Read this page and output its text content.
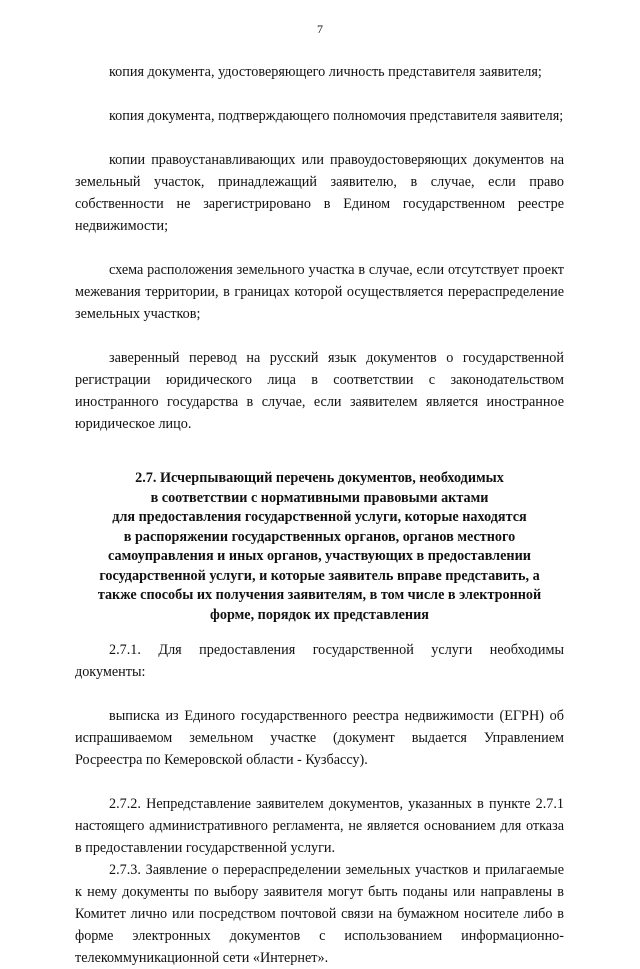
7

копия документа, удостоверяющего личность представителя заявителя;

копия документа, подтверждающего полномочия представителя заявителя;

копии правоустанавливающих или правоудостоверяющих документов на земельный участок, принадлежащий заявителю, в случае, если право собственности не зарегистрировано в Едином государственном реестре недвижимости;

схема расположения земельного участка в случае, если отсутствует проект межевания территории, в границах которой осуществляется перераспределение земельных участков;

заверенный перевод на русский язык документов о государственной регистрации юридического лица в соответствии с законодательством иностранного государства в случае, если заявителем является иностранное юридическое лицо.

2.7. Исчерпывающий перечень документов, необходимых
в соответствии с нормативными правовыми актами
для предоставления государственной услуги, которые находятся
в распоряжении государственных органов, органов местного
самоуправления и иных органов, участвующих в предоставлении
государственной услуги, и которые заявитель вправе представить, а
также способы их получения заявителям, в том числе в электронной
форме, порядок их представления

2.7.1. Для предоставления государственной услуги необходимы документы:

выписка из Единого государственного реестра недвижимости (ЕГРН) об испрашиваемом земельном участке (документ выдается Управлением Росреестра по Кемеровской области - Кузбассу).

2.7.2. Непредставление заявителем документов, указанных в пункте 2.7.1 настоящего административного регламента, не является основанием для отказа в предоставлении государственной услуги.

2.7.3. Заявление о перераспределении земельных участков и прилагаемые к нему документы по выбору заявителя могут быть поданы или направлены в Комитет лично или посредством почтовой связи на бумажном носителе либо в форме электронных документов с использованием информационно-телекоммуникационной сети «Интернет».
